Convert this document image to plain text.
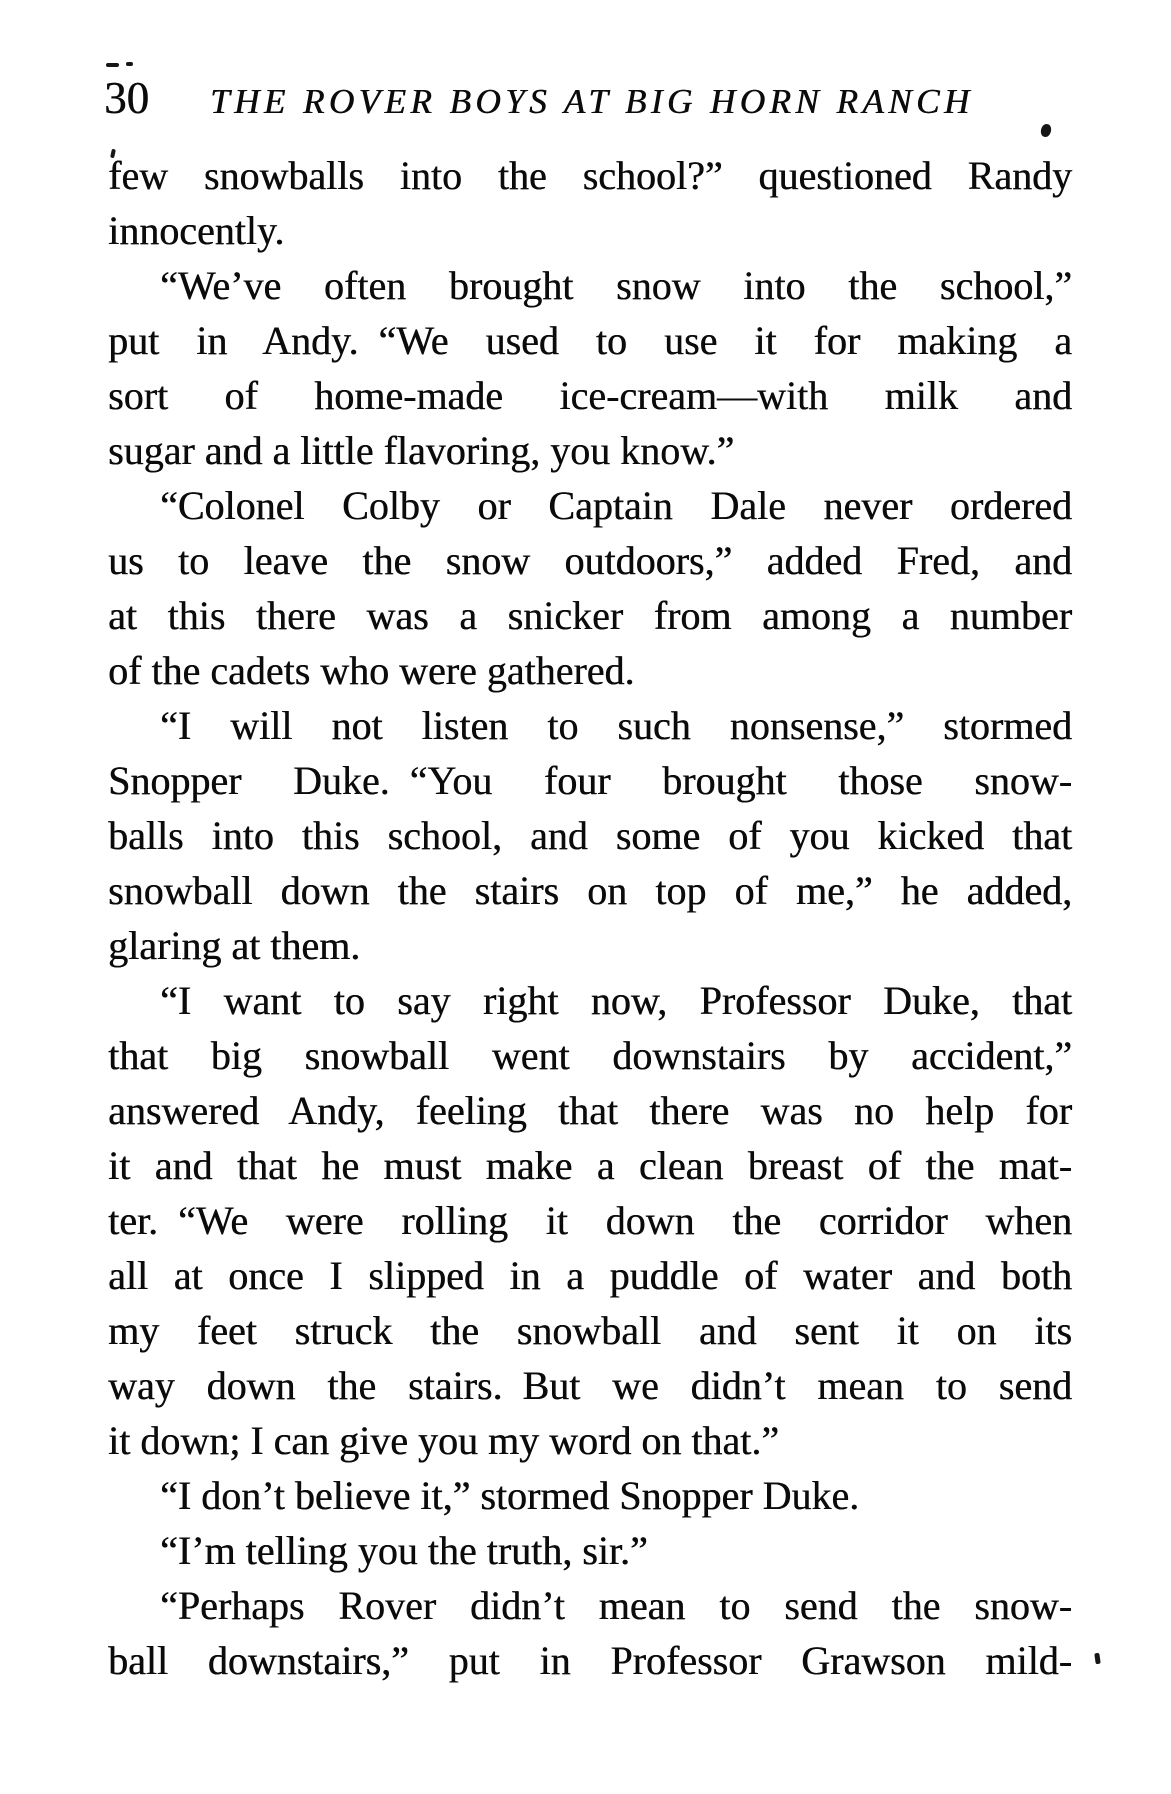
30 THE ROVER BOYS AT BIG HORN RANCH
few snowballs into the school?” questioned Randy
innocently.
“We’ve often brought snow into the school,”
put in Andy. “We used to use it for making a
sort of home-made ice-cream—with milk and
sugar and a little flavoring, you know.”
“Colonel Colby or Captain Dale never ordered
us to leave the snow outdoors,” added Fred, and
at this there was a snicker from among a number
of the cadets who were gathered.
“I will not listen to such nonsense,” stormed
Snopper Duke. “You four brought those snow-
balls into this school, and some of you kicked that
snowball down the stairs on top of me,” he added,
glaring at them.
“I want to say right now, Professor Duke, that
that big snowball went downstairs by accident,”
answered Andy, feeling that there was no help for
it and that he must make a clean breast of the mat-
ter. “We were rolling it down the corridor when
all at once I slipped in a puddle of water and both
my feet struck the snowball and sent it on its
way down the stairs. But we didn’t mean to send
it down; I can give you my word on that.”
“I don’t believe it,” stormed Snopper Duke.
“I’m telling you the truth, sir.”
“Perhaps Rover didn’t mean to send the snow-
ball downstairs,” put in Professor Grawson mild-
